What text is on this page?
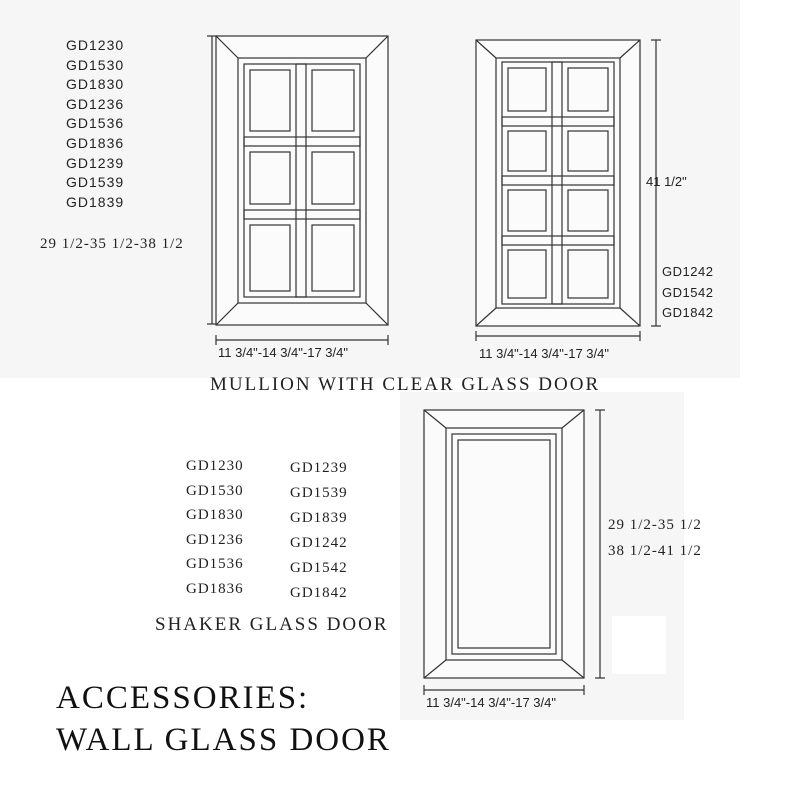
GD1230
GD1530
GD1830
GD1236
GD1536
GD1836
GD1239
GD1539
GD1839
29 1/2-35 1/2-38 1/2
11 3/4"-14 3/4"-17 3/4"
41 1/2"
GD1242
GD1542
GD1842
11 3/4"-14 3/4"-17 3/4"
MULLION WITH CLEAR GLASS DOOR
GD1230
GD1530
GD1830
GD1236
GD1536
GD1836
GD1239
GD1539
GD1839
GD1242
GD1542
GD1842
29 1/2-35 1/2
38 1/2-41 1/2
11 3/4"-14 3/4"-17 3/4"
SHAKER GLASS DOOR
ACCESSORIES:
WALL GLASS DOOR
